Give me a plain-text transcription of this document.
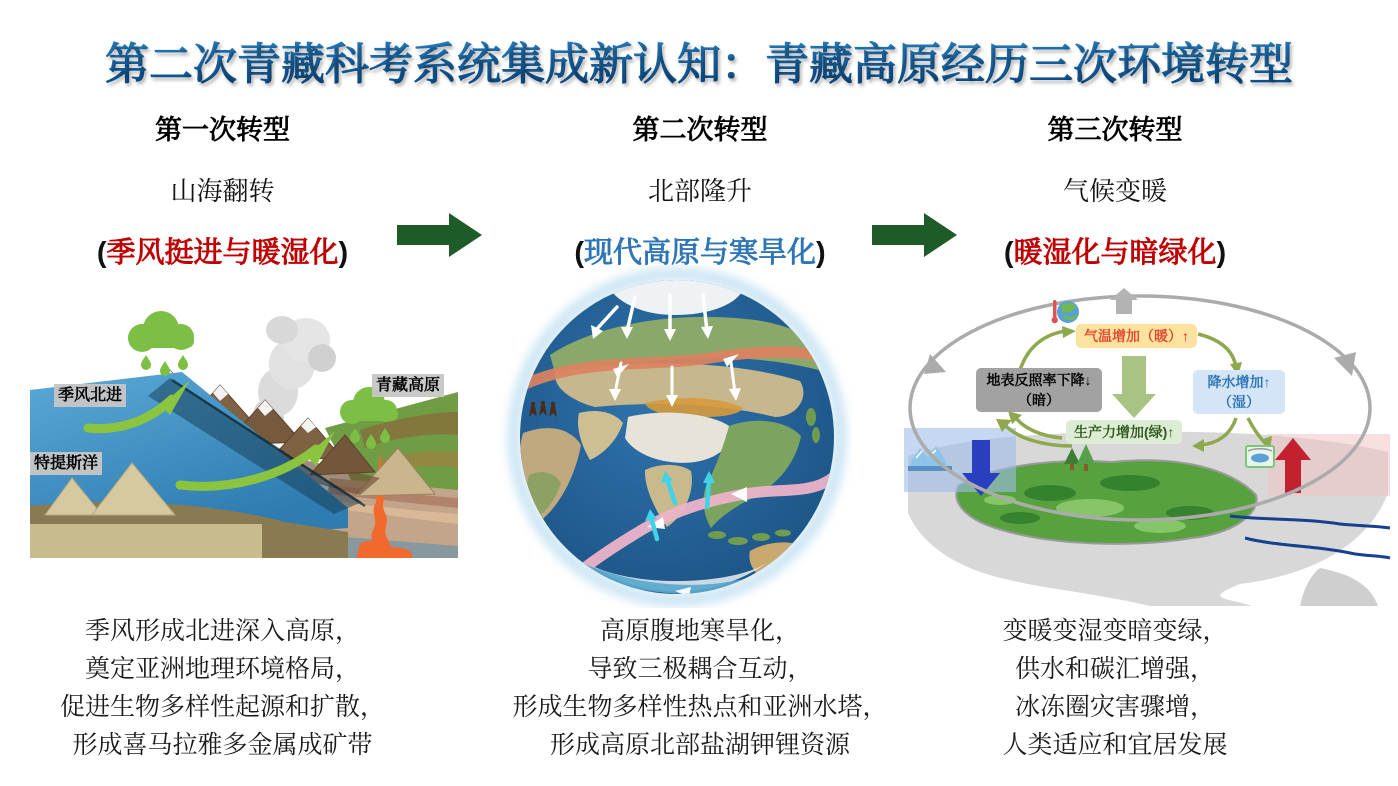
第二次青藏科考系统集成新认知：青藏高原经历三次环境转型
第一次转型
山海翻转
(季风挺进与暖湿化)
第二次转型
北部隆升
(现代高原与寒旱化)
第三次转型
气候变暖
(暖湿化与暗绿化)
季风北进
特提斯洋
青藏高原
气温增加（暖）↑
地表反照率下降↓
（暗）
降水增加↑
（湿）
生产力增加(绿)↑
季风形成北进深入高原，
奠定亚洲地理环境格局，
促进生物多样性起源和扩散，
形成喜马拉雅多金属成矿带
高原腹地寒旱化，
导致三极耦合互动，
形成生物多样性热点和亚洲水塔，
形成高原北部盐湖钾锂资源
变暖变湿变暗变绿，
供水和碳汇增强，
冰冻圈灾害骤增，
人类适应和宜居发展
